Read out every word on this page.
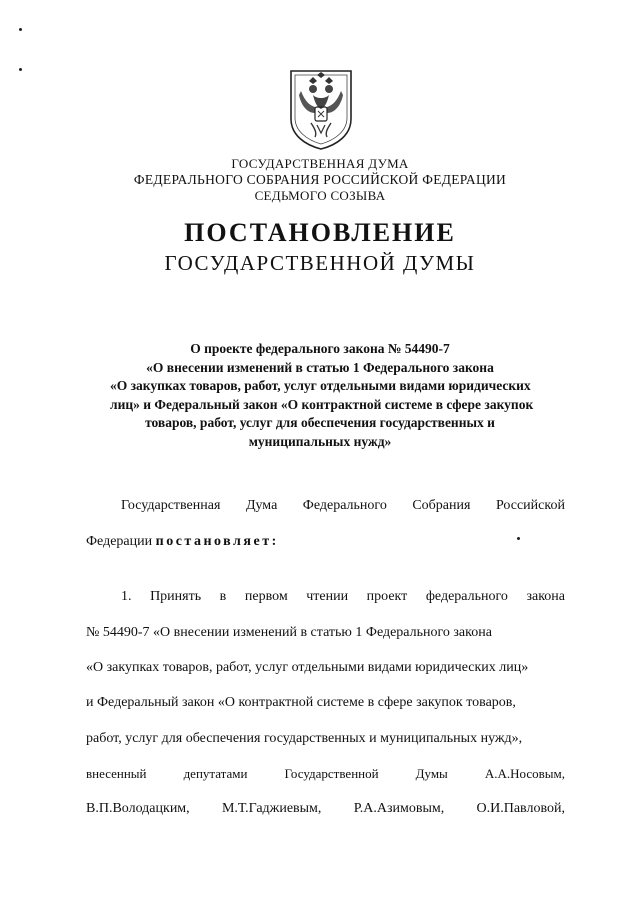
ГОСУДАРСТВЕННАЯ ДУМА
ФЕДЕРАЛЬНОГО СОБРАНИЯ РОССИЙСКОЙ ФЕДЕРАЦИИ
СЕДЬМОГО СОЗЫВА
ПОСТАНОВЛЕНИЕ
ГОСУДАРСТВЕННОЙ ДУМЫ
О проекте федерального закона № 54490-7
«О внесении изменений в статью 1 Федерального закона
«О закупках товаров, работ, услуг отдельными видами юридических
лиц» и Федеральный закон «О контрактной системе в сфере закупок
товаров, работ, услуг для обеспечения государственных и
муниципальных нужд»
Государственная Дума Федерального Собрания Российской
Федерации постановляет:
1. Принять в первом чтении проект федерального закона
№ 54490-7 «О внесении изменений в статью 1 Федерального закона
«О закупках товаров, работ, услуг отдельными видами юридических лиц»
и Федеральный закон «О контрактной системе в сфере закупок товаров,
работ, услуг для обеспечения государственных и муниципальных нужд»,
внесенный	депутатами	Государственной	Думы	А.А.Носовым,
В.П.Володацким, М.Т.Гаджиевым, Р.А.Азимовым, О.И.Павловой,
